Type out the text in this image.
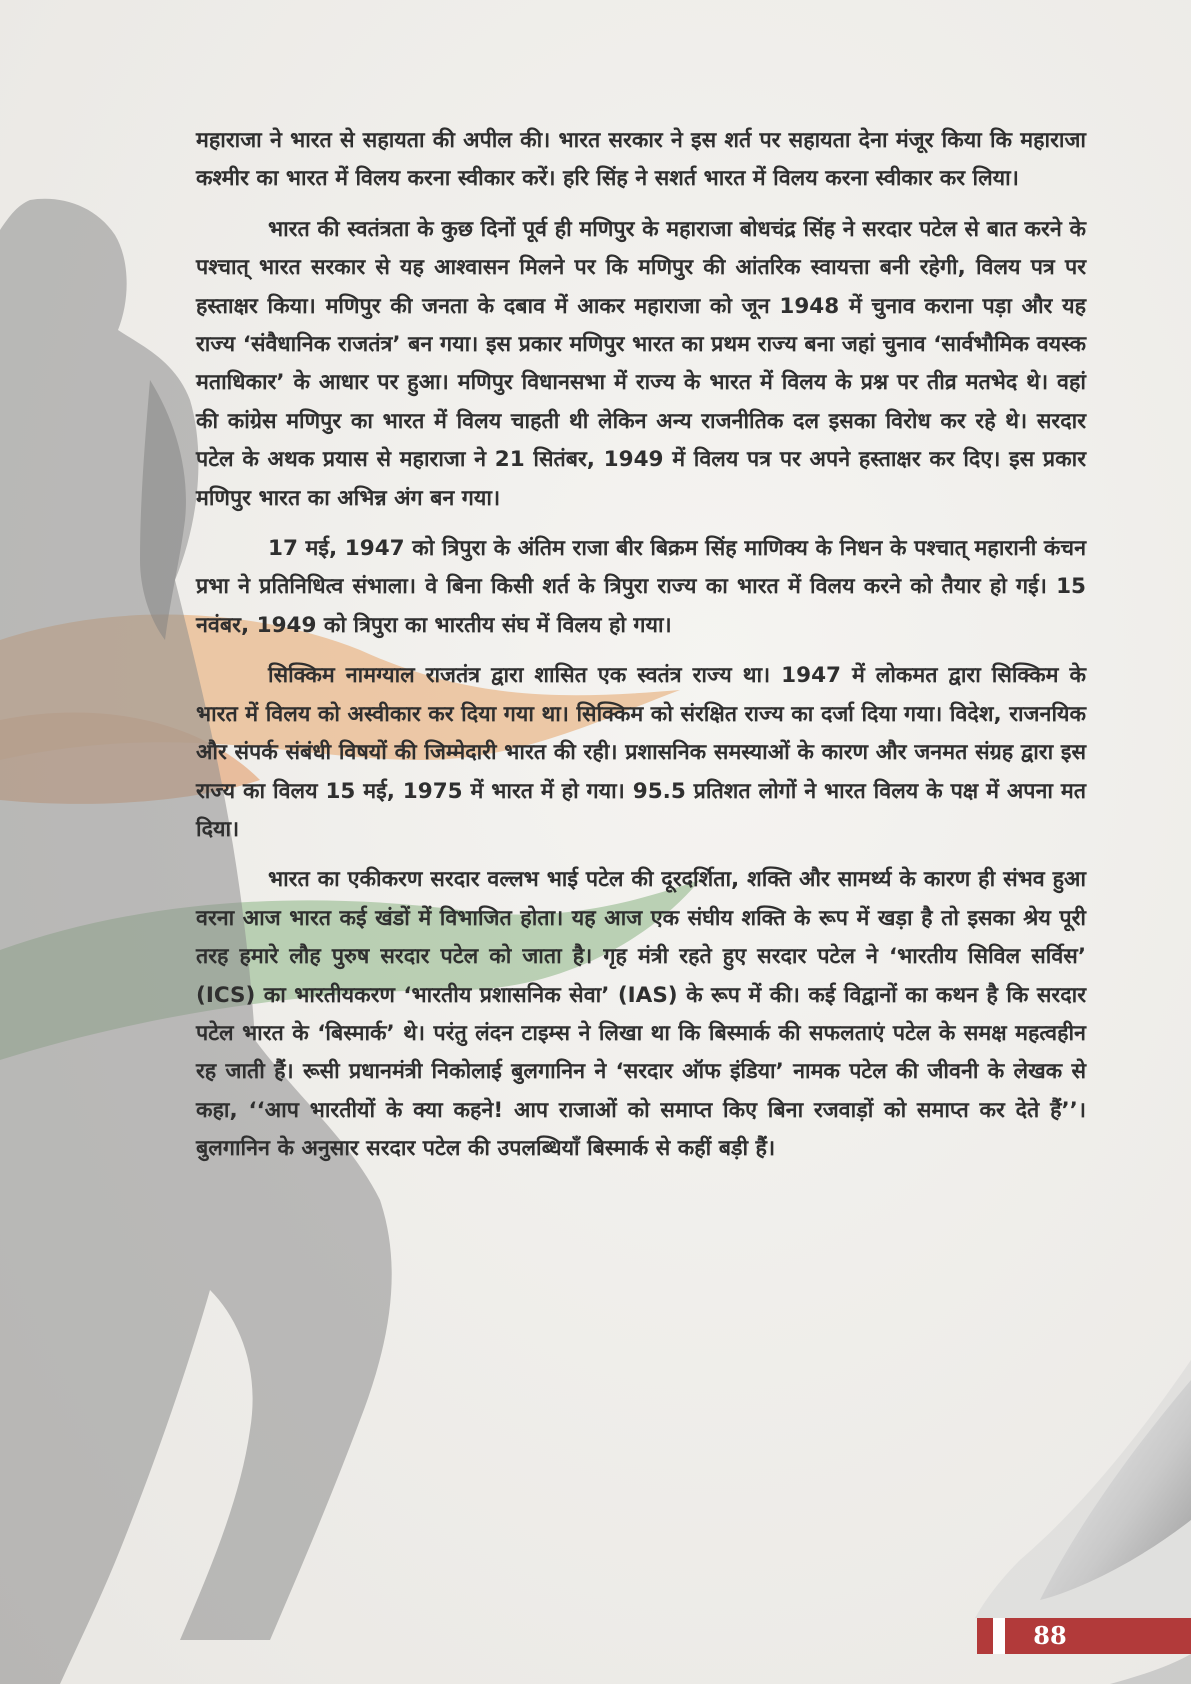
महाराजा ने भारत से सहायता की अपील की। भारत सरकार ने इस शर्त पर सहायता देना मंजूर किया कि महाराजा कश्मीर का भारत में विलय करना स्वीकार करें। हरि सिंह ने सशर्त भारत में विलय करना स्वीकार कर लिया।

भारत की स्वतंत्रता के कुछ दिनों पूर्व ही मणिपुर के महाराजा बोधचंद्र सिंह ने सरदार पटेल से बात करने के पश्चात् भारत सरकार से यह आश्वासन मिलने पर कि मणिपुर की आंतरिक स्वायत्ता बनी रहेगी, विलय पत्र पर हस्ताक्षर किया। मणिपुर की जनता के दबाव में आकर महाराजा को जून 1948 में चुनाव कराना पड़ा और यह राज्य ‘संवैधानिक राजतंत्र’ बन गया। इस प्रकार मणिपुर भारत का प्रथम राज्य बना जहां चुनाव ‘सार्वभौमिक वयस्क मताधिकार’ के आधार पर हुआ। मणिपुर विधानसभा में राज्य के भारत में विलय के प्रश्न पर तीव्र मतभेद थे। वहां की कांग्रेस मणिपुर का भारत में विलय चाहती थी लेकिन अन्य राजनीतिक दल इसका विरोध कर रहे थे। सरदार पटेल के अथक प्रयास से महाराजा ने 21 सितंबर, 1949 में विलय पत्र पर अपने हस्ताक्षर कर दिए। इस प्रकार मणिपुर भारत का अभिन्न अंग बन गया।

17 मई, 1947 को त्रिपुरा के अंतिम राजा बीर बिक्रम सिंह माणिक्य के निधन के पश्चात् महारानी कंचन प्रभा ने प्रतिनिधित्व संभाला। वे बिना किसी शर्त के त्रिपुरा राज्य का भारत में विलय करने को तैयार हो गई। 15 नवंबर, 1949 को त्रिपुरा का भारतीय संघ में विलय हो गया।

सिक्किम नामग्याल राजतंत्र द्वारा शासित एक स्वतंत्र राज्य था। 1947 में लोकमत द्वारा सिक्किम के भारत में विलय को अस्वीकार कर दिया गया था। सिक्किम को संरक्षित राज्य का दर्जा दिया गया। विदेश, राजनयिक और संपर्क संबंधी विषयों की जिम्मेदारी भारत की रही। प्रशासनिक समस्याओं के कारण और जनमत संग्रह द्वारा इस राज्य का विलय 15 मई, 1975 में भारत में हो गया। 95.5 प्रतिशत लोगों ने भारत विलय के पक्ष में अपना मत दिया।

भारत का एकीकरण सरदार वल्लभ भाई पटेल की दूरदर्शिता, शक्ति और सामर्थ्य के कारण ही संभव हुआ वरना आज भारत कई खंडों में विभाजित होता। यह आज एक संघीय शक्ति के रूप में खड़ा है तो इसका श्रेय पूरी तरह हमारे लौह पुरुष सरदार पटेल को जाता है। गृह मंत्री रहते हुए सरदार पटेल ने ‘भारतीय सिविल सर्विस’ (ICS) का भारतीयकरण ‘भारतीय प्रशासनिक सेवा’ (IAS) के रूप में की। कई विद्वानों का कथन है कि सरदार पटेल भारत के ‘बिस्मार्क’ थे। परंतु लंदन टाइम्स ने लिखा था कि बिस्मार्क की सफलताएं पटेल के समक्ष महत्वहीन रह जाती हैं। रूसी प्रधानमंत्री निकोलाई बुलगानिन ने ‘सरदार ऑफ इंडिया’ नामक पटेल की जीवनी के लेखक से कहा, ‘‘आप भारतीयों के क्या कहने! आप राजाओं को समाप्त किए बिना रजवाड़ों को समाप्त कर देते हैं’’। बुलगानिन के अनुसार सरदार पटेल की उपलब्धियाँ बिस्मार्क से कहीं बड़ी हैं।

88
